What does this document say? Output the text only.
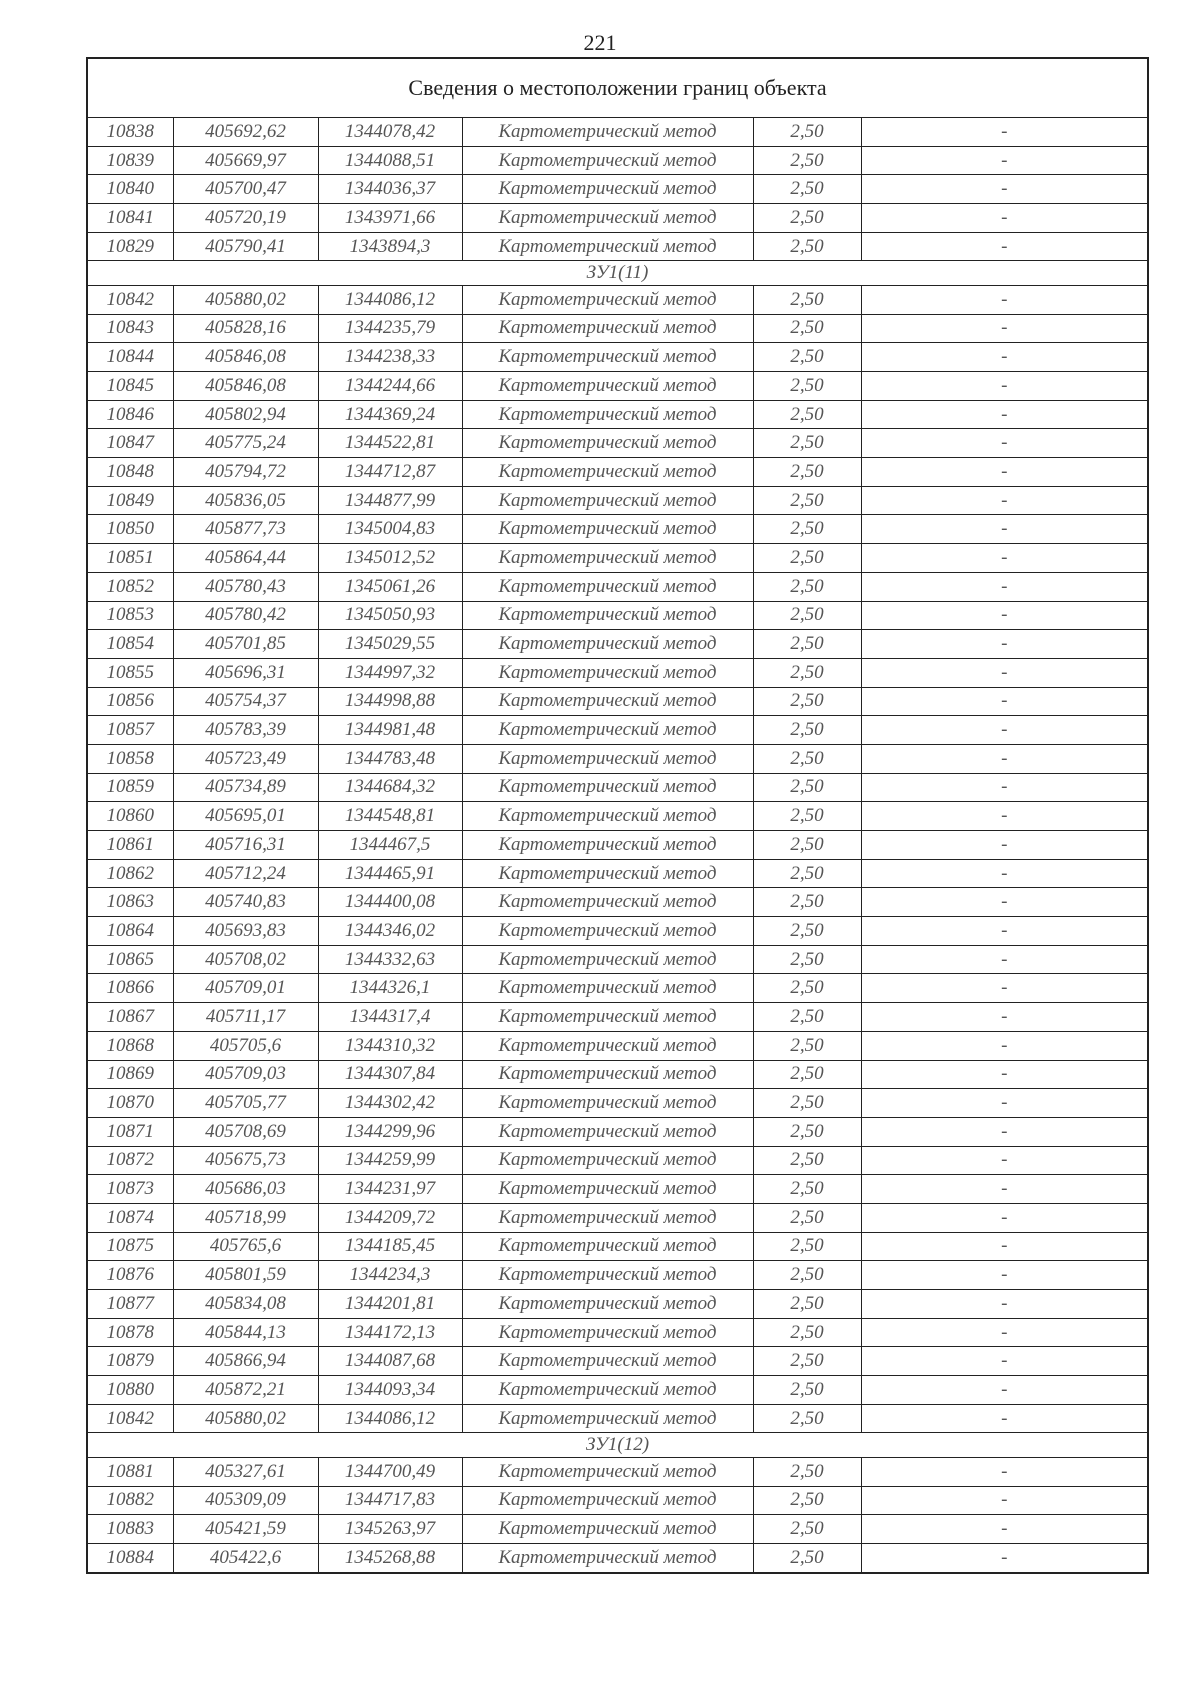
221
Сведения о местоположении границ объекта					
10838	405692,62	1344078,42	Картометрический метод	2,50	-
10839	405669,97	1344088,51	Картометрический метод	2,50	-
10840	405700,47	1344036,37	Картометрический метод	2,50	-
10841	405720,19	1343971,66	Картометрический метод	2,50	-
10829	405790,41	1343894,3	Картометрический метод	2,50	-
ЗУ1(11)					
10842	405880,02	1344086,12	Картометрический метод	2,50	-
10843	405828,16	1344235,79	Картометрический метод	2,50	-
10844	405846,08	1344238,33	Картометрический метод	2,50	-
10845	405846,08	1344244,66	Картометрический метод	2,50	-
10846	405802,94	1344369,24	Картометрический метод	2,50	-
10847	405775,24	1344522,81	Картометрический метод	2,50	-
10848	405794,72	1344712,87	Картометрический метод	2,50	-
10849	405836,05	1344877,99	Картометрический метод	2,50	-
10850	405877,73	1345004,83	Картометрический метод	2,50	-
10851	405864,44	1345012,52	Картометрический метод	2,50	-
10852	405780,43	1345061,26	Картометрический метод	2,50	-
10853	405780,42	1345050,93	Картометрический метод	2,50	-
10854	405701,85	1345029,55	Картометрический метод	2,50	-
10855	405696,31	1344997,32	Картометрический метод	2,50	-
10856	405754,37	1344998,88	Картометрический метод	2,50	-
10857	405783,39	1344981,48	Картометрический метод	2,50	-
10858	405723,49	1344783,48	Картометрический метод	2,50	-
10859	405734,89	1344684,32	Картометрический метод	2,50	-
10860	405695,01	1344548,81	Картометрический метод	2,50	-
10861	405716,31	1344467,5	Картометрический метод	2,50	-
10862	405712,24	1344465,91	Картометрический метод	2,50	-
10863	405740,83	1344400,08	Картометрический метод	2,50	-
10864	405693,83	1344346,02	Картометрический метод	2,50	-
10865	405708,02	1344332,63	Картометрический метод	2,50	-
10866	405709,01	1344326,1	Картометрический метод	2,50	-
10867	405711,17	1344317,4	Картометрический метод	2,50	-
10868	405705,6	1344310,32	Картометрический метод	2,50	-
10869	405709,03	1344307,84	Картометрический метод	2,50	-
10870	405705,77	1344302,42	Картометрический метод	2,50	-
10871	405708,69	1344299,96	Картометрический метод	2,50	-
10872	405675,73	1344259,99	Картометрический метод	2,50	-
10873	405686,03	1344231,97	Картометрический метод	2,50	-
10874	405718,99	1344209,72	Картометрический метод	2,50	-
10875	405765,6	1344185,45	Картометрический метод	2,50	-
10876	405801,59	1344234,3	Картометрический метод	2,50	-
10877	405834,08	1344201,81	Картометрический метод	2,50	-
10878	405844,13	1344172,13	Картометрический метод	2,50	-
10879	405866,94	1344087,68	Картометрический метод	2,50	-
10880	405872,21	1344093,34	Картометрический метод	2,50	-
10842	405880,02	1344086,12	Картометрический метод	2,50	-
ЗУ1(12)					
10881	405327,61	1344700,49	Картометрический метод	2,50	-
10882	405309,09	1344717,83	Картометрический метод	2,50	-
10883	405421,59	1345263,97	Картометрический метод	2,50	-
10884	405422,6	1345268,88	Картометрический метод	2,50	-
